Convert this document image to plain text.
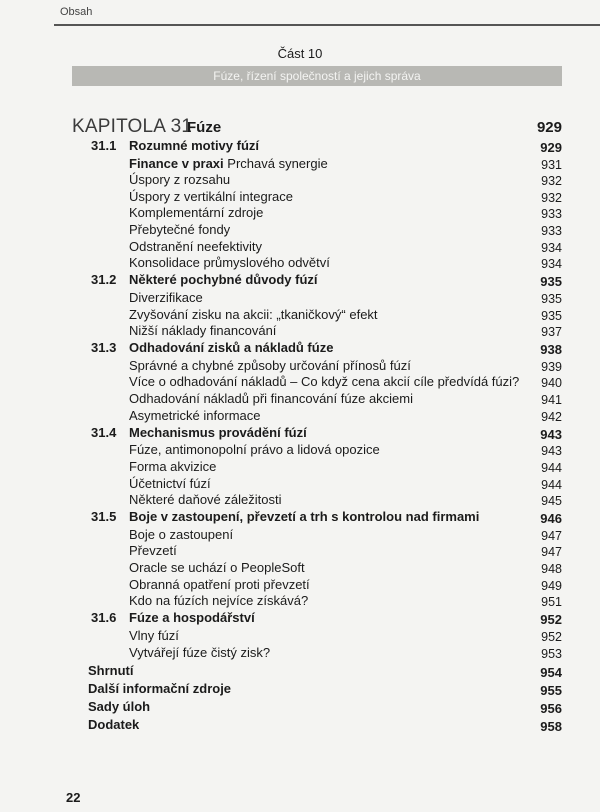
Obsah
Část 10
Fúze, řízení společností a jejich správa
KAPITOLA 31
Fúze	929
31.1 Rozumné motivy fúzí	929
Finance v praxi Prchavá synergie	931
Úspory z rozsahu	932
Úspory z vertikální integrace	932
Komplementární zdroje	933
Přebytečné fondy	933
Odstranění neefektivity	934
Konsolidace průmyslového odvětví	934
31.2 Některé pochybné důvody fúzí	935
Diverzifikace	935
Zvyšování zisku na akcii: „tkaničkový“ efekt	935
Nižší náklady financování	937
31.3 Odhadování zisků a nákladů fúze	938
Správné a chybné způsoby určování přínosů fúzí	939
Více o odhadování nákladů – Co když cena akcií cíle předvídá fúzi? 940
Odhadování nákladů při financování fúze akciemi	941
Asymetrické informace	942
31.4 Mechanismus provádění fúzí	943
Fúze, antimonopolní právo a lidová opozice	943
Forma akvizice	944
Účetnictví fúzí	944
Některé daňové záležitosti	945
31.5 Boje v zastoupení, převzetí a trh s kontrolou nad firmami	946
Boje o zastoupení	947
Převzetí	947
Oracle se uchází o PeopleSoft	948
Obranná opatření proti převzetí	949
Kdo na fúzích nejvíce získává?	951
31.6 Fúze a hospodářství	952
Vlny fúzí	952
Vytvářejí fúze čistý zisk?	953
Shrnutí	954
Další informační zdroje	955
Sady úloh	956
Dodatek	958
22
